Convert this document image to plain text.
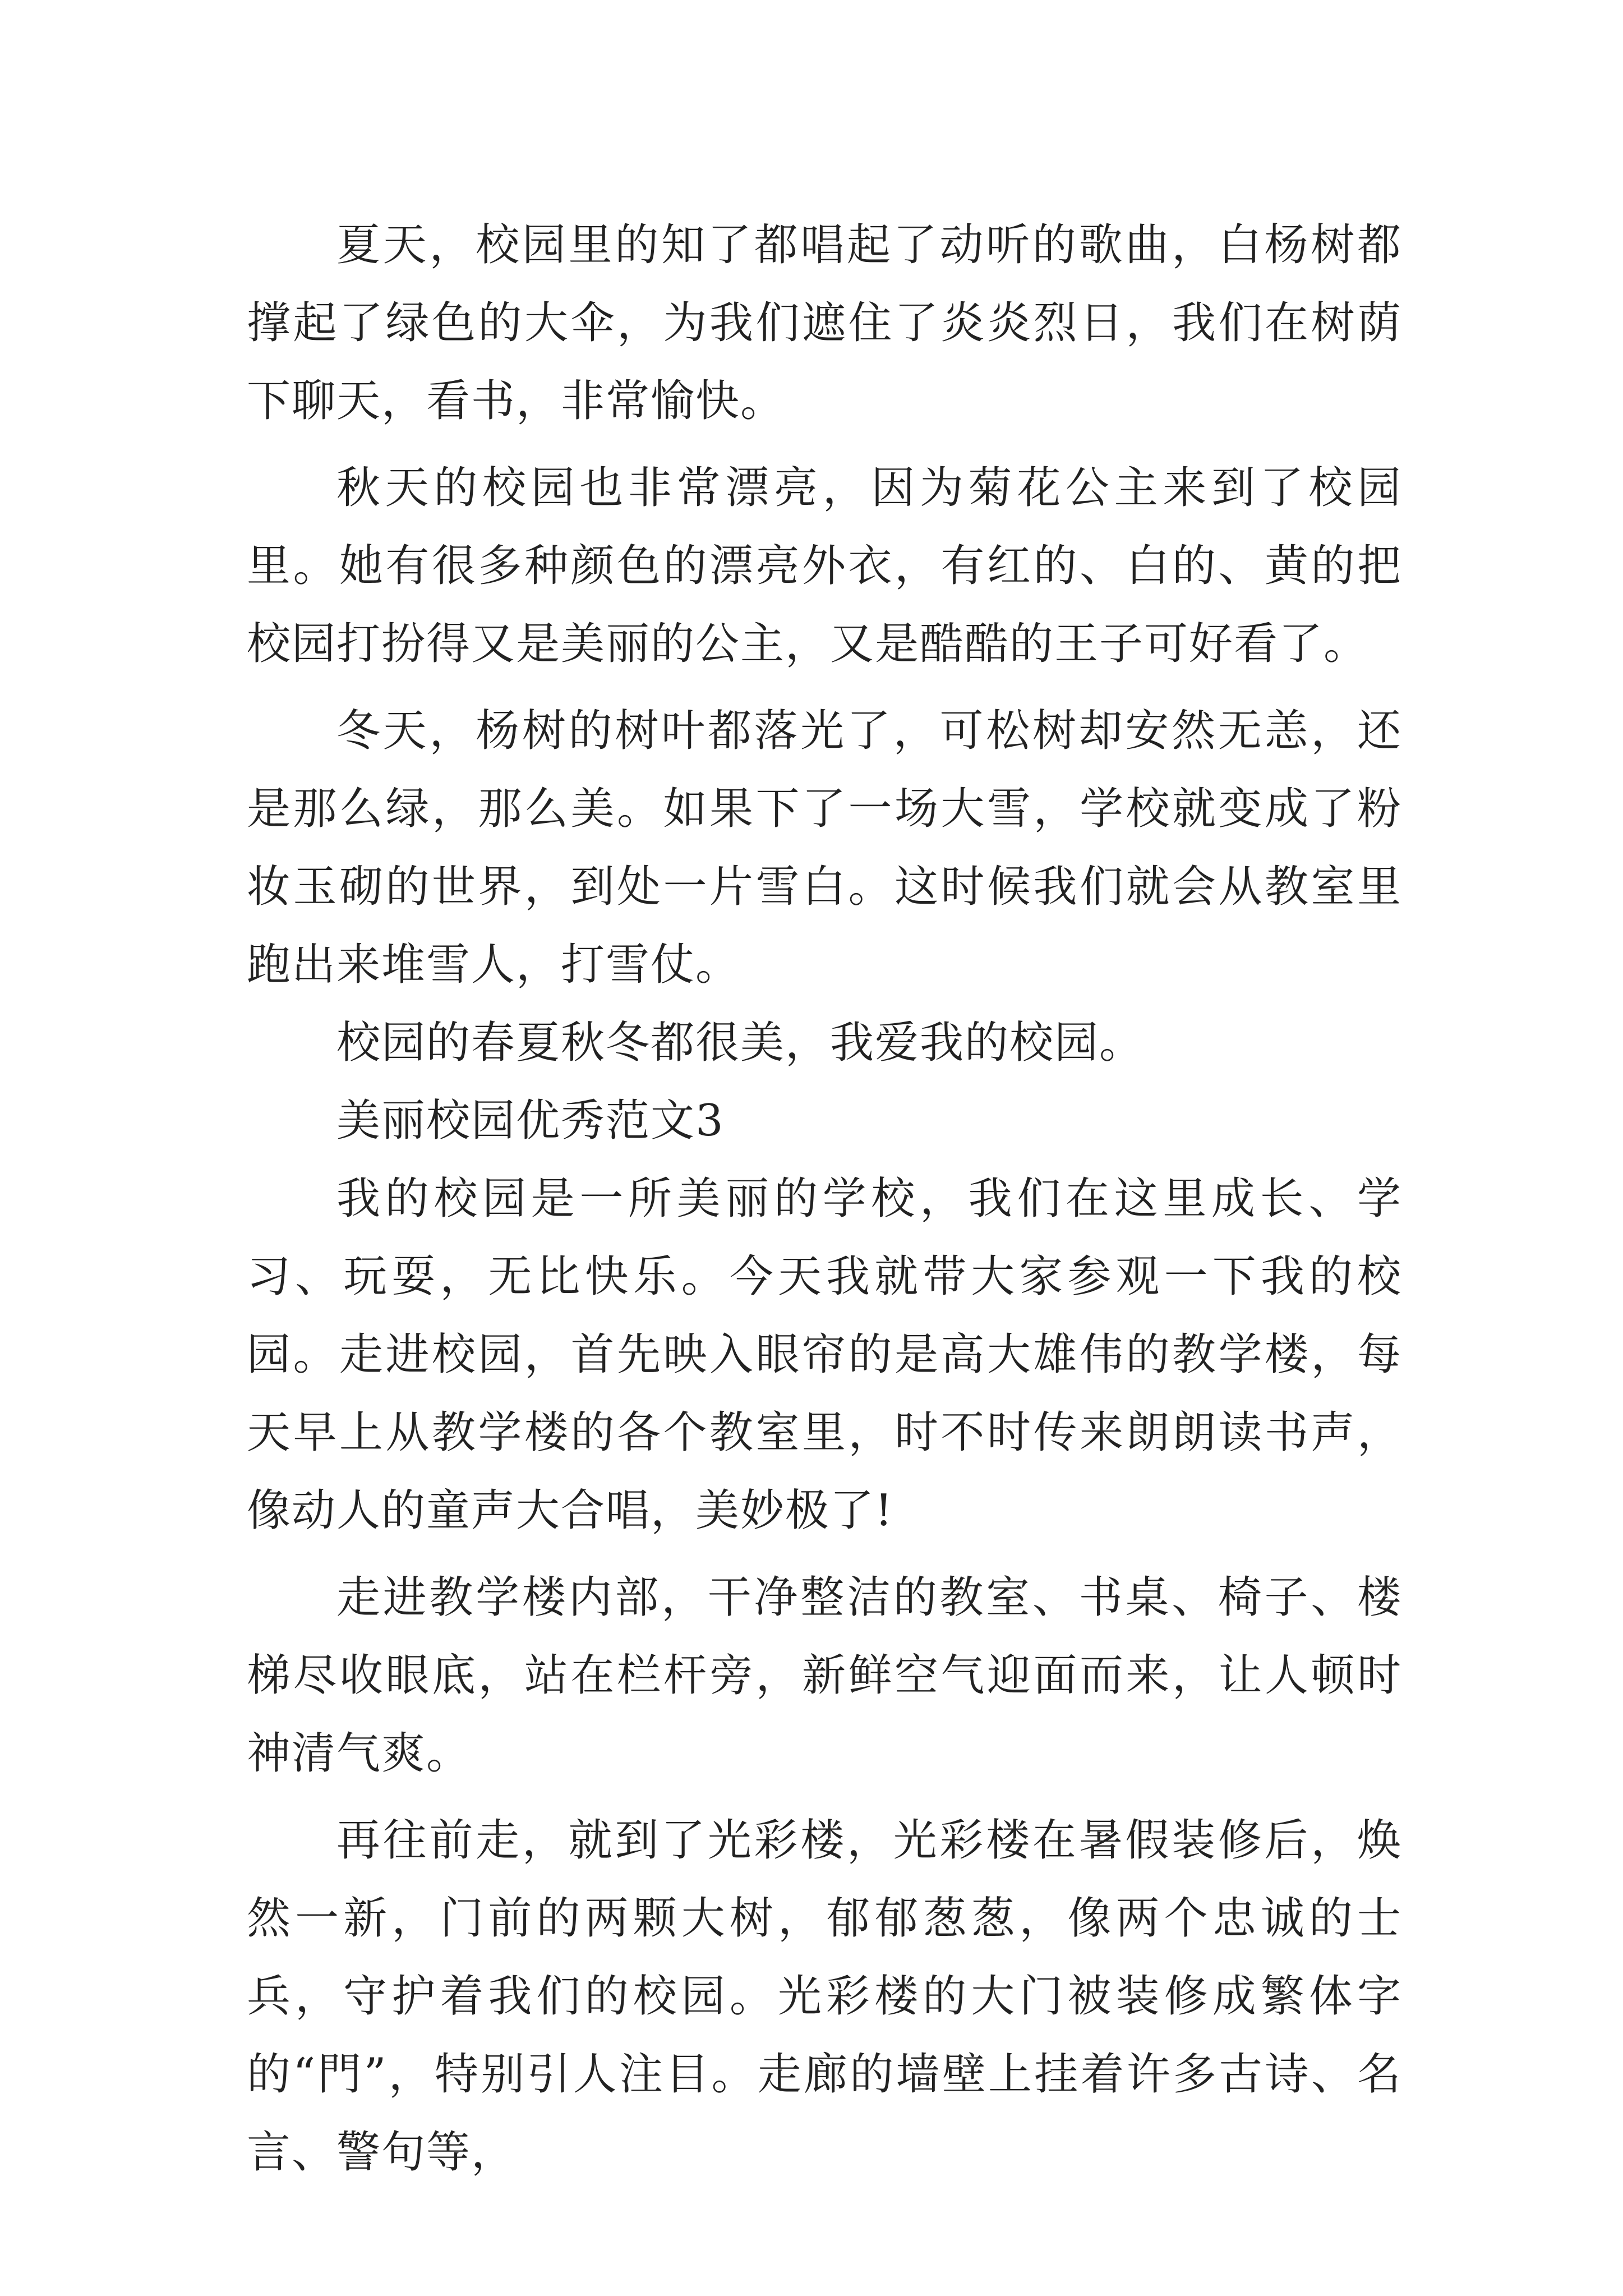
夏天，校园里的知了都唱起了动听的歌曲，白杨树都撑起了绿色的大伞，为我们遮住了炎炎烈日，我们在树荫下聊天，看书，非常愉快。

秋天的校园也非常漂亮，因为菊花公主来到了校园里。她有很多种颜色的漂亮外衣，有红的、白的、黄的把校园打扮得又是美丽的公主，又是酷酷的王子可好看了。

冬天，杨树的树叶都落光了，可松树却安然无恙，还是那么绿，那么美。如果下了一场大雪，学校就变成了粉妆玉砌的世界，到处一片雪白。这时候我们就会从教室里跑出来堆雪人，打雪仗。

校园的春夏秋冬都很美，我爱我的校园。

美丽校园优秀范文3

我的校园是一所美丽的学校，我们在这里成长、学习、玩耍，无比快乐。今天我就带大家参观一下我的校园。走进校园，首先映入眼帘的是高大雄伟的教学楼，每天早上从教学楼的各个教室里，时不时传来朗朗读书声，像动人的童声大合唱，美妙极了!

走进教学楼内部，干净整洁的教室、书桌、椅子、楼梯尽收眼底，站在栏杆旁，新鲜空气迎面而来，让人顿时神清气爽。

再往前走，就到了光彩楼，光彩楼在暑假装修后，焕然一新，门前的两颗大树，郁郁葱葱，像两个忠诚的士兵，守护着我们的校园。光彩楼的大门被装修成繁体字的“門”，特别引人注目。走廊的墙壁上挂着许多古诗、名言、警句等，
